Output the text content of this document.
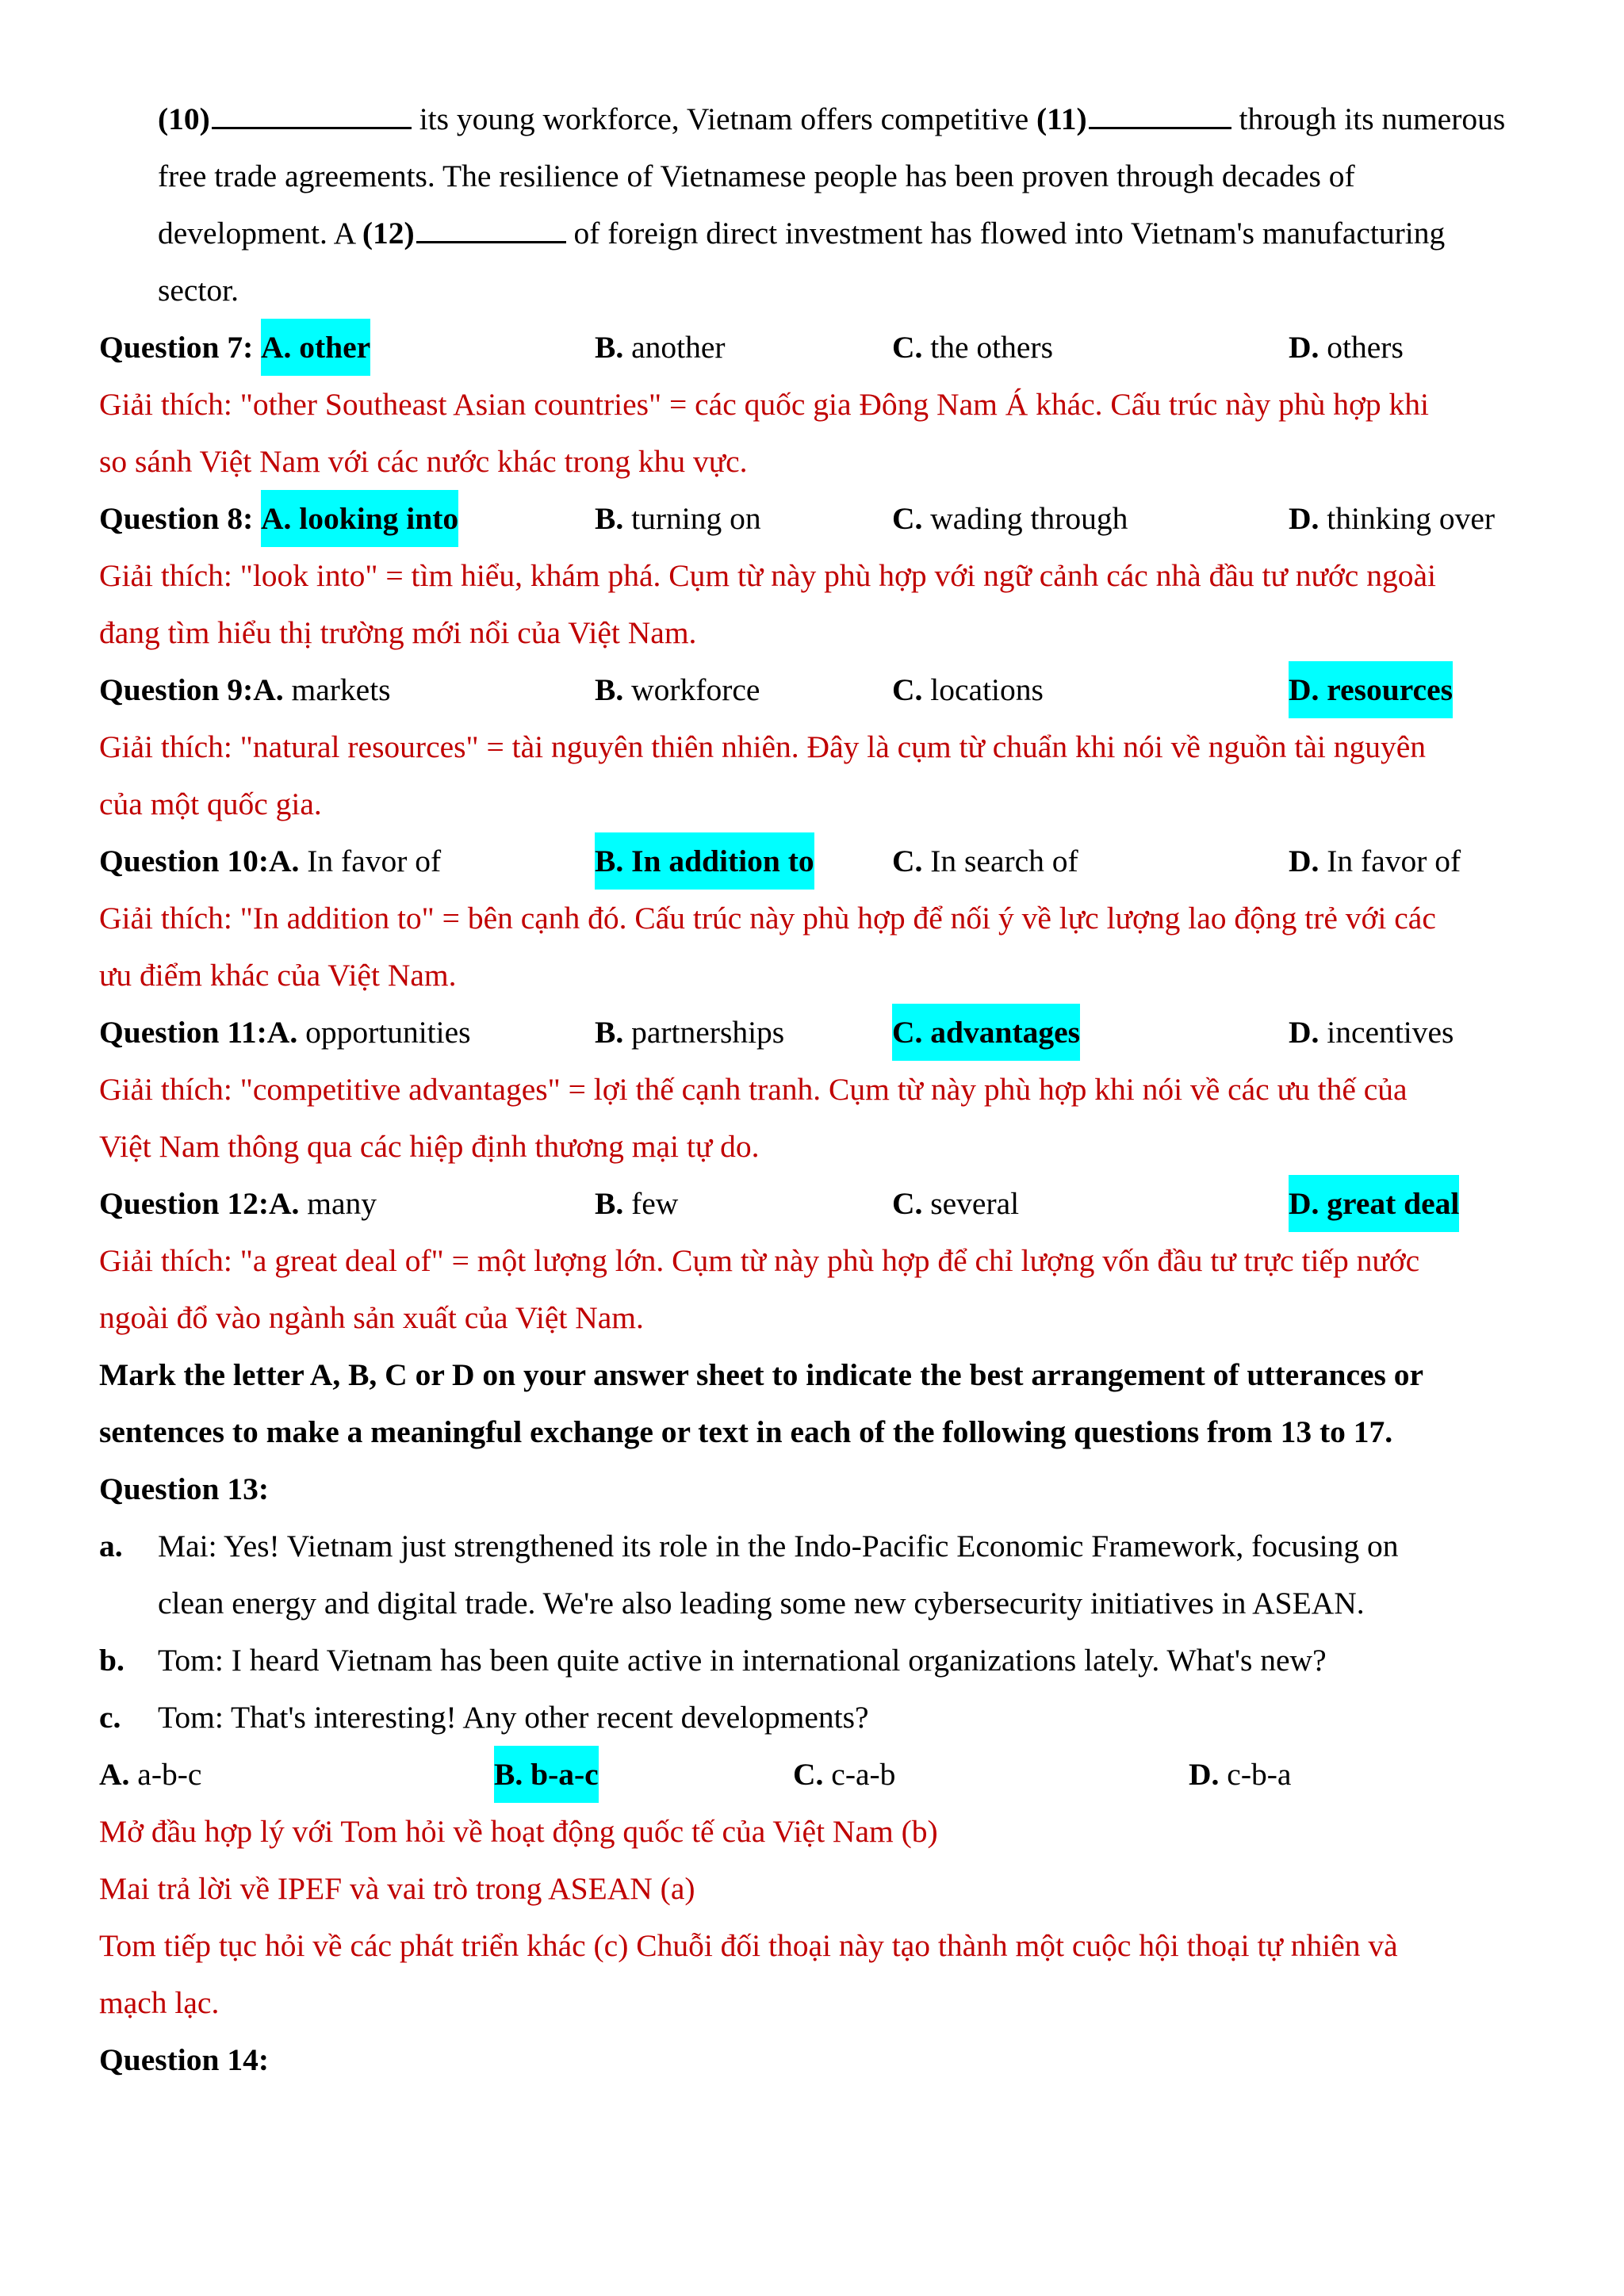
(10)	its young workforce, Vietnam offers competitive (11)	through its numerous
free trade agreements. The resilience of Vietnamese people has been proven through decades of
development. A (12)	of foreign direct investment has flowed into Vietnam's manufacturing
sector.
Question 7: A. other	B. another	C. the others	D. others
Giải thích: "other Southeast Asian countries" = các quốc gia Đông Nam Á khác. Cấu trúc này phù hợp khi
so sánh Việt Nam với các nước khác trong khu vực.
Question 8: A. looking into	B. turning on	C. wading through	D. thinking over
Giải thích: "look into" = tìm hiểu, khám phá. Cụm từ này phù hợp với ngữ cảnh các nhà đầu tư nước ngoài
đang tìm hiểu thị trường mới nổi của Việt Nam.
Question 9:A. markets	B. workforce	C. locations	D. resources
Giải thích: "natural resources" = tài nguyên thiên nhiên. Đây là cụm từ chuẩn khi nói về nguồn tài nguyên
của một quốc gia.
Question 10:A. In favor of	B. In addition to C. In search of	D. In favor of
Giải thích: "In addition to" = bên cạnh đó. Cấu trúc này phù hợp để nối ý về lực lượng lao động trẻ với các
ưu điểm khác của Việt Nam.
Question 11:A. opportunities	B. partnerships	C. advantages	D. incentives
Giải thích: "competitive advantages" = lợi thế cạnh tranh. Cụm từ này phù hợp khi nói về các ưu thế của
Việt Nam thông qua các hiệp định thương mại tự do.
Question 12:A. many	B. few	C. several	D. great deal
Giải thích: "a great deal of" = một lượng lớn. Cụm từ này phù hợp để chỉ lượng vốn đầu tư trực tiếp nước
ngoài đổ vào ngành sản xuất của Việt Nam.
Mark the letter A, B, C or D on your answer sheet to indicate the best arrangement of utterances or
sentences to make a meaningful exchange or text in each of the following questions from 13 to 17.
Question 13:
a. Mai: Yes! Vietnam just strengthened its role in the Indo-Pacific Economic Framework, focusing on
clean energy and digital trade. We're also leading some new cybersecurity initiatives in ASEAN.
b. Tom: I heard Vietnam has been quite active in international organizations lately. What's new?
c. Tom: That's interesting! Any other recent developments?
A. a-b-c	B. b-a-c	C. c-a-b	D. c-b-a
Mở đầu hợp lý với Tom hỏi về hoạt động quốc tế của Việt Nam (b)
Mai trả lời về IPEF và vai trò trong ASEAN (a)
Tom tiếp tục hỏi về các phát triển khác (c) Chuỗi đối thoại này tạo thành một cuộc hội thoại tự nhiên và
mạch lạc.
Question 14:
